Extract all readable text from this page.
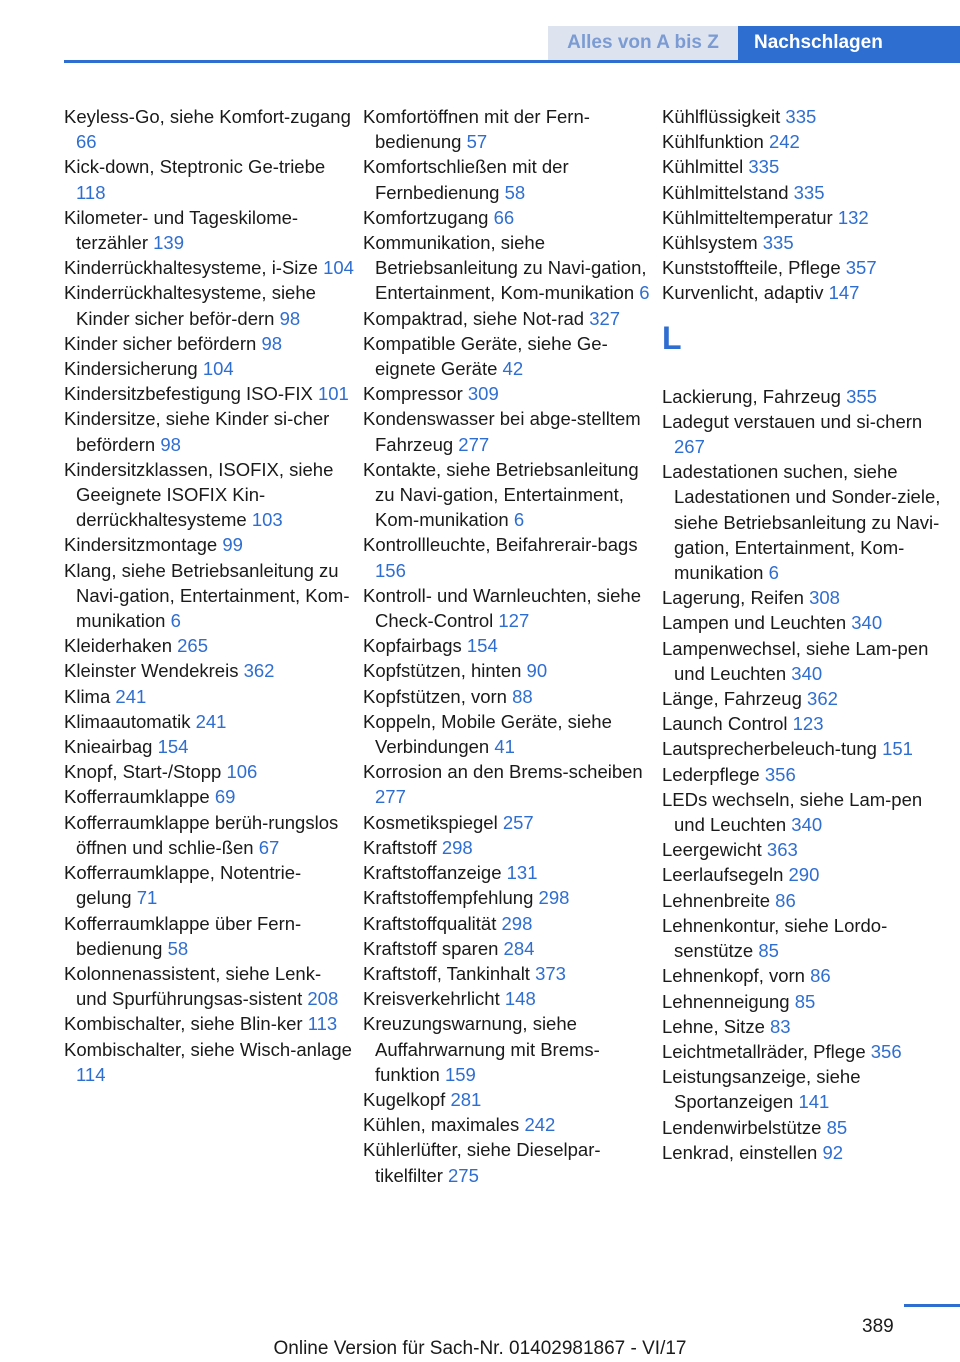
Alles von A bis Z	Nachschlagen

Keyless-Go, siehe Komfort-zugang 66

Kick-down, Steptronic Ge-triebe 118

Kilometer- und Tageskilome-terzähler 139

Kinderrückhaltesysteme, i-Size 104

Kinderrückhaltesysteme, siehe Kinder sicher beför-dern 98

Kinder sicher befördern 98

Kindersicherung 104

Kindersitzbefestigung ISO-FIX 101

Kindersitze, siehe Kinder si-cher befördern 98

Kindersitzklassen, ISOFIX, siehe Geeignete ISOFIX Kin-derrückhaltesysteme 103

Kindersitzmontage 99

Klang, siehe Betriebsanleitung zu Navi-gation, Entertainment, Kom-munikation 6

Kleiderhaken 265

Kleinster Wendekreis 362

Klima 241

Klimaautomatik 241

Knieairbag 154

Knopf, Start-/Stopp 106

Kofferraumklappe 69

Kofferraumklappe berüh-rungslos öffnen und schlie-ßen 67

Kofferraumklappe, Notentrie-gelung 71

Kofferraumklappe über Fern-bedienung 58

Kolonnenassistent, siehe Lenk- und Spurführungsas-sistent 208

Kombischalter, siehe Blin-ker 113

Kombischalter, siehe Wisch-anlage 114

Komfortöffnen mit der Fern-bedienung 57

Komfortschließen mit der Fernbedienung 58

Komfortzugang 66

Kommunikation, siehe Betriebsanleitung zu Navi-gation, Entertainment, Kom-munikation 6

Kompaktrad, siehe Not-rad 327

Kompatible Geräte, siehe Ge-eignete Geräte 42

Kompressor 309

Kondenswasser bei abge-stelltem Fahrzeug 277

Kontakte, siehe Betriebsanleitung zu Navi-gation, Entertainment, Kom-munikation 6

Kontrollleuchte, Beifahrerair-bags 156

Kontroll- und Warnleuchten, siehe Check-Control 127

Kopfairbags 154

Kopfstützen, hinten 90

Kopfstützen, vorn 88

Koppeln, Mobile Geräte, siehe Verbindungen 41

Korrosion an den Brems-scheiben 277

Kosmetikspiegel 257

Kraftstoff 298

Kraftstoffanzeige 131

Kraftstoffempfehlung 298

Kraftstoffqualität 298

Kraftstoff sparen 284

Kraftstoff, Tankinhalt 373

Kreisverkehrlicht 148

Kreuzungswarnung, siehe Auffahrwarnung mit Brems-funktion 159

Kugelkopf 281

Kühlen, maximales 242

Kühlerlüfter, siehe Dieselpar-tikelfilter 275

Kühlflüssigkeit 335

Kühlfunktion 242

Kühlmittel 335

Kühlmittelstand 335

Kühlmitteltemperatur 132

Kühlsystem 335

Kunststoffteile, Pflege 357

Kurvenlicht, adaptiv 147

L

Lackierung, Fahrzeug 355

Ladegut verstauen und si-chern 267

Ladestationen suchen, siehe Ladestationen und Sonder-ziele, siehe Betriebsanleitung zu Navi-gation, Entertainment, Kom-munikation 6

Lagerung, Reifen 308

Lampen und Leuchten 340

Lampenwechsel, siehe Lam-pen und Leuchten 340

Länge, Fahrzeug 362

Launch Control 123

Lautsprecherbeleuch-tung 151

Lederpflege 356

LEDs wechseln, siehe Lam-pen und Leuchten 340

Leergewicht 363

Leerlaufsegeln 290

Lehnenbreite 86

Lehnenkontur, siehe Lordo-senstütze 85

Lehnenkopf, vorn 86

Lehnenneigung 85

Lehne, Sitze 83

Leichtmetallräder, Pflege 356

Leistungsanzeige, siehe Sportanzeigen 141

Lendenwirbelstütze 85

Lenkrad, einstellen 92

389
Online Version für Sach-Nr. 01402981867 - VI/17
